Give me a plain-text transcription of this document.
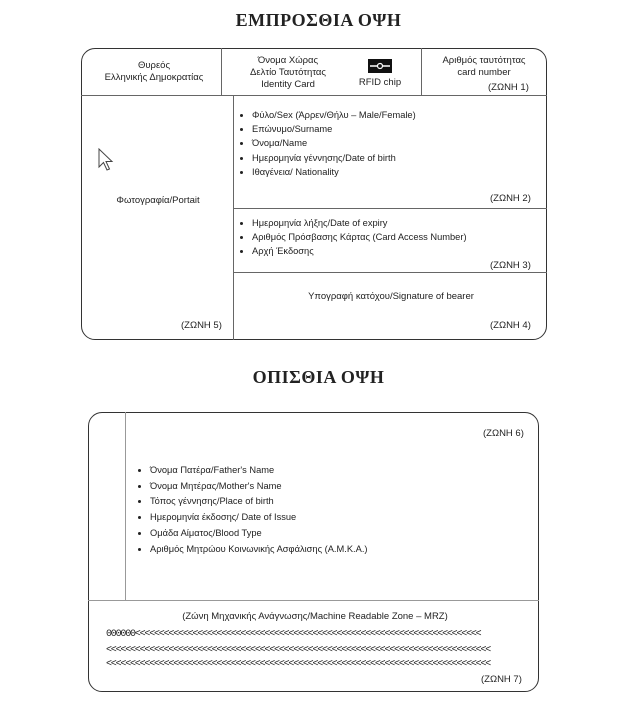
ΕΜΠΡΟΣΘΙΑ ΟΨΗ
Θυρεός
Ελληνικής Δημοκρατίας
Όνομα Χώρας
Δελτίο Ταυτότητας
Identity Card	RFID chip
Αριθμός ταυτότητας
card number
(ΖΩΝΗ 1)
Φωτογραφία/Portait
(ΖΩΝΗ 5)
• Φύλο/Sex (Άρρεν/Θήλυ – Male/Female)
• Επώνυμο/Surname
• Όνομα/Name
• Ημερομηνία γέννησης/Date of birth
• Ιθαγένεια/ Nationality
(ΖΩΝΗ 2)
• Ημερομηνία λήξης/Date of expiry
• Αριθμός Πρόσβασης Κάρτας (Card Access Number)
• Αρχή Έκδοσης
(ΖΩΝΗ 3)
Υπογραφή κατόχου/Signature of bearer
(ΖΩΝΗ 4)
ΟΠΙΣΘΙΑ ΟΨΗ
(ΖΩΝΗ 6)
• Όνομα Πατέρα/Father's Name
• Όνομα Μητέρας/Mother's Name
• Τόπος γέννησης/Place of birth
• Ημερομηνία έκδοσης/ Date of Issue
• Ομάδα Αίματος/Blood Type
• Αριθμός Μητρώου Κοινωνικής Ασφάλισης (Α.Μ.Κ.Α.)
(Ζώνη Μηχανικής Ανάγνωσης/Machine Readable Zone – MRZ)
000000<<<<<<<<<<<<<<<<<<<<<<<<<<<<<<<<<<<<<<<<<<<<<<<<<<<<<<<<<<<<<<<<<<<<<<<<
<<<<<<<<<<<<<<<<<<<<<<<<<<<<<<<<<<<<<<<<<<<<<<<<<<<<<<<<<<<<<<<<<<<<<<<<<<<<<<<<
<<<<<<<<<<<<<<<<<<<<<<<<<<<<<<<<<<<<<<<<<<<<<<<<<<<<<<<<<<<<<<<<<<<<<<<<<<<<<<<<
(ΖΩΝΗ 7)
